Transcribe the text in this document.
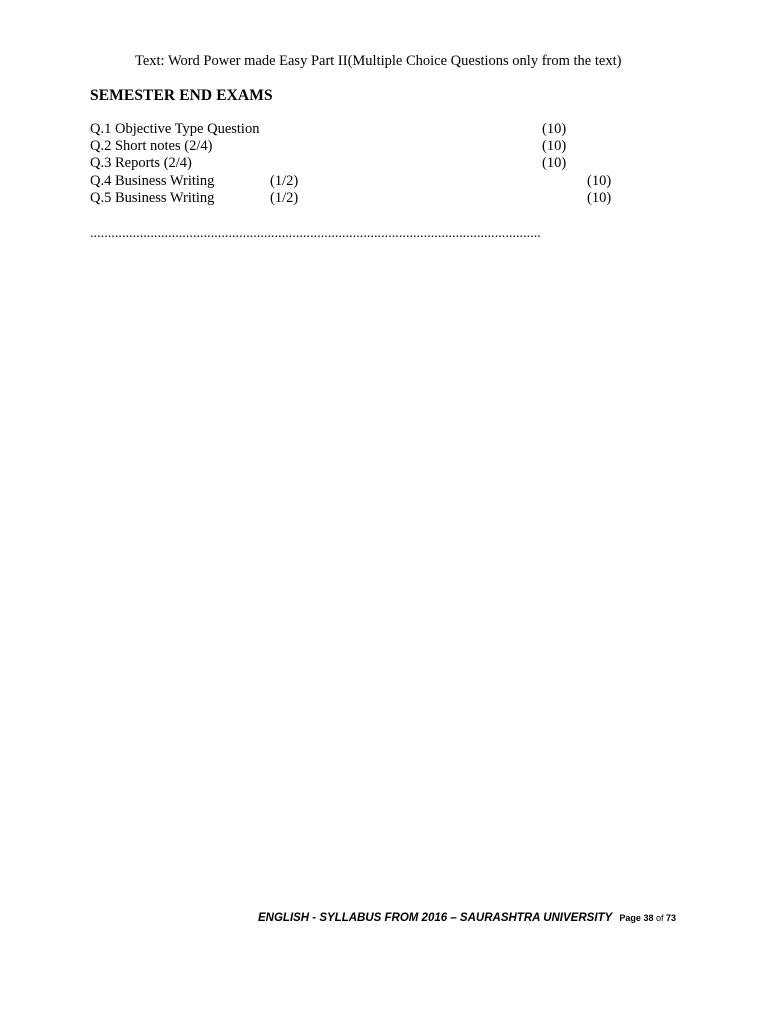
Text: Word Power made Easy Part II(Multiple Choice Questions only from the text)
SEMESTER END EXAMS
Q.1 Objective Type Question	(10)
Q.2 Short notes (2/4)	(10)
Q.3 Reports (2/4)	(10)
Q.4 Business Writing	(1/2)	(10)
Q.5 Business Writing	(1/2)	(10)
...............................................................................................................................
ENGLISH - SYLLABUS FROM 2016 – SAURASHTRA UNIVERSITY Page 38 of 73
